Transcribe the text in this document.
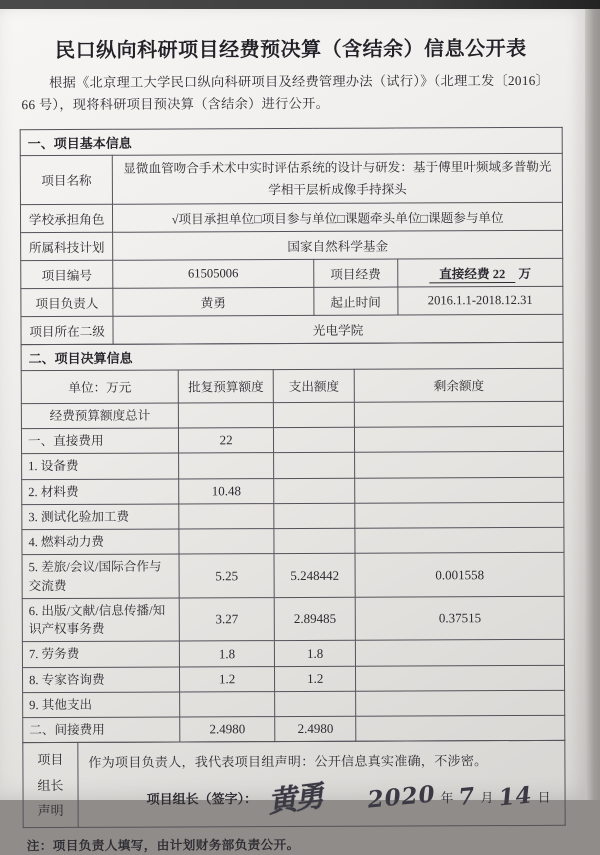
民口纵向科研项目经费预决算（含结余）信息公开表

根据《北京理工大学民口纵向科研项目及经费管理办法（试行）》（北理工发〔2016〕66 号），现将科研项目预决算（含结余）进行公开。

一、项目基本信息			
项目名称	显微血管吻合手术术中实时评估系统的设计与研发：基于傅里叶频域多普勒光学相干层析成像手持探头		
学校承担角色	√项目承担单位□项目参与单位□课题牵头单位□课题参与单位		
所属科技计划	国家自然科学基金		
项目编号	61505006	项目经费	直接经费 22 万
项目负责人	黄勇	起止时间	2016.1.1-2018.12.31
项目所在二级	光电学院		
二、项目决算信息			
单位：万元	批复预算额度	支出额度	剩余额度
经费预算额度总计			
一、直接费用	22		
1. 设备费			
2. 材料费	10.48		
3. 测试化验加工费			
4. 燃料动力费			
5. 差旅/会议/国际合作与交流费	5.25	5.248442	0.001558
6. 出版/文献/信息传播/知识产权事务费	3.27	2.89485	0.37515
7. 劳务费	1.8	1.8	
8. 专家咨询费	1.2	1.2	
9. 其他支出			
二、间接费用	2.4980	2.4980	
项目
组长
声明

作为项目负责人，我代表项目组声明：公开信息真实准确，不涉密。
项目组长（签字）： 黄勇 2020 年 7 月 14 日
注：项目负责人填写，由计划财务部负责公开。
